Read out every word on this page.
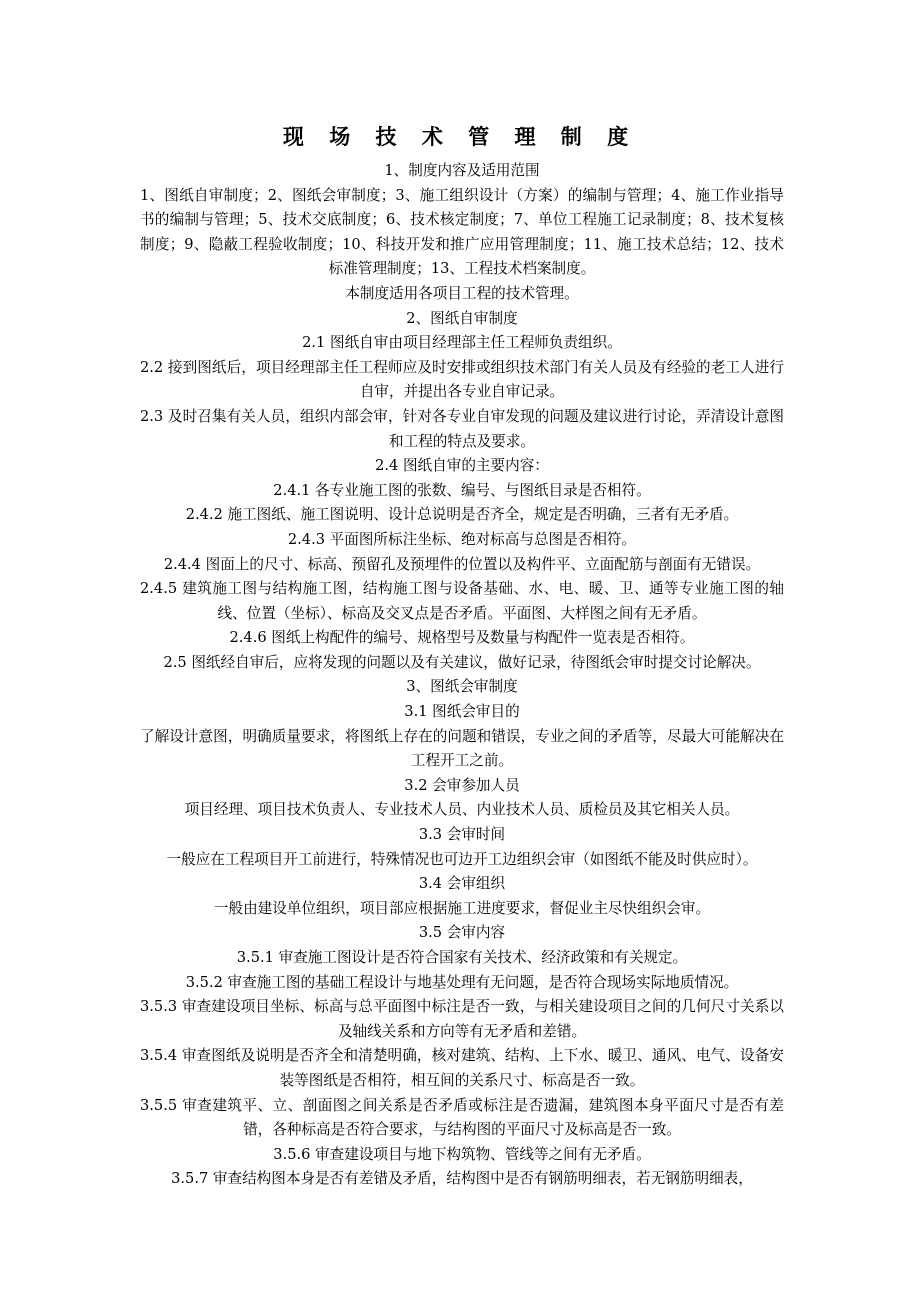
现 场 技 术 管 理 制 度

1、制度内容及适用范围

1、图纸自审制度；2、图纸会审制度；3、施工组织设计（方案）的编制与管理；4、施工作业指导书的编制与管理；5、技术交底制度；6、技术核定制度；7、单位工程施工记录制度；8、技术复核制度；9、隐蔽工程验收制度；10、科技开发和推广应用管理制度；11、施工技术总结；12、技术标准管理制度；13、工程技术档案制度。

本制度适用各项目工程的技术管理。

2、图纸自审制度

2.1 图纸自审由项目经理部主任工程师负责组织。

2.2 接到图纸后，项目经理部主任工程师应及时安排或组织技术部门有关人员及有经验的老工人进行自审，并提出各专业自审记录。

2.3 及时召集有关人员，组织内部会审，针对各专业自审发现的问题及建议进行讨论，弄清设计意图和工程的特点及要求。

2.4 图纸自审的主要内容：

2.4.1 各专业施工图的张数、编号、与图纸目录是否相符。

2.4.2 施工图纸、施工图说明、设计总说明是否齐全，规定是否明确，三者有无矛盾。

2.4.3 平面图所标注坐标、绝对标高与总图是否相符。

2.4.4 图面上的尺寸、标高、预留孔及预埋件的位置以及构件平、立面配筋与剖面有无错误。

2.4.5 建筑施工图与结构施工图，结构施工图与设备基础、水、电、暖、卫、通等专业施工图的轴线、位置（坐标）、标高及交叉点是否矛盾。平面图、大样图之间有无矛盾。

2.4.6 图纸上构配件的编号、规格型号及数量与构配件一览表是否相符。

2.5 图纸经自审后，应将发现的问题以及有关建议，做好记录，待图纸会审时提交讨论解决。

3、图纸会审制度

3.1 图纸会审目的

了解设计意图，明确质量要求，将图纸上存在的问题和错误，专业之间的矛盾等，尽最大可能解决在工程开工之前。

3.2 会审参加人员

项目经理、项目技术负责人、专业技术人员、内业技术人员、质检员及其它相关人员。

3.3 会审时间

一般应在工程项目开工前进行，特殊情况也可边开工边组织会审（如图纸不能及时供应时）。

3.4 会审组织

一般由建设单位组织，项目部应根据施工进度要求，督促业主尽快组织会审。

3.5 会审内容

3.5.1 审查施工图设计是否符合国家有关技术、经济政策和有关规定。

3.5.2 审查施工图的基础工程设计与地基处理有无问题，是否符合现场实际地质情况。

3.5.3 审查建设项目坐标、标高与总平面图中标注是否一致，与相关建设项目之间的几何尺寸关系以及轴线关系和方向等有无矛盾和差错。

3.5.4 审查图纸及说明是否齐全和清楚明确，核对建筑、结构、上下水、暖卫、通风、电气、设备安装等图纸是否相符，相互间的关系尺寸、标高是否一致。

3.5.5 审查建筑平、立、剖面图之间关系是否矛盾或标注是否遗漏，建筑图本身平面尺寸是否有差错，各种标高是否符合要求，与结构图的平面尺寸及标高是否一致。

3.5.6 审查建设项目与地下构筑物、管线等之间有无矛盾。

3.5.7 审查结构图本身是否有差错及矛盾，结构图中是否有钢筋明细表，若无钢筋明细表，
